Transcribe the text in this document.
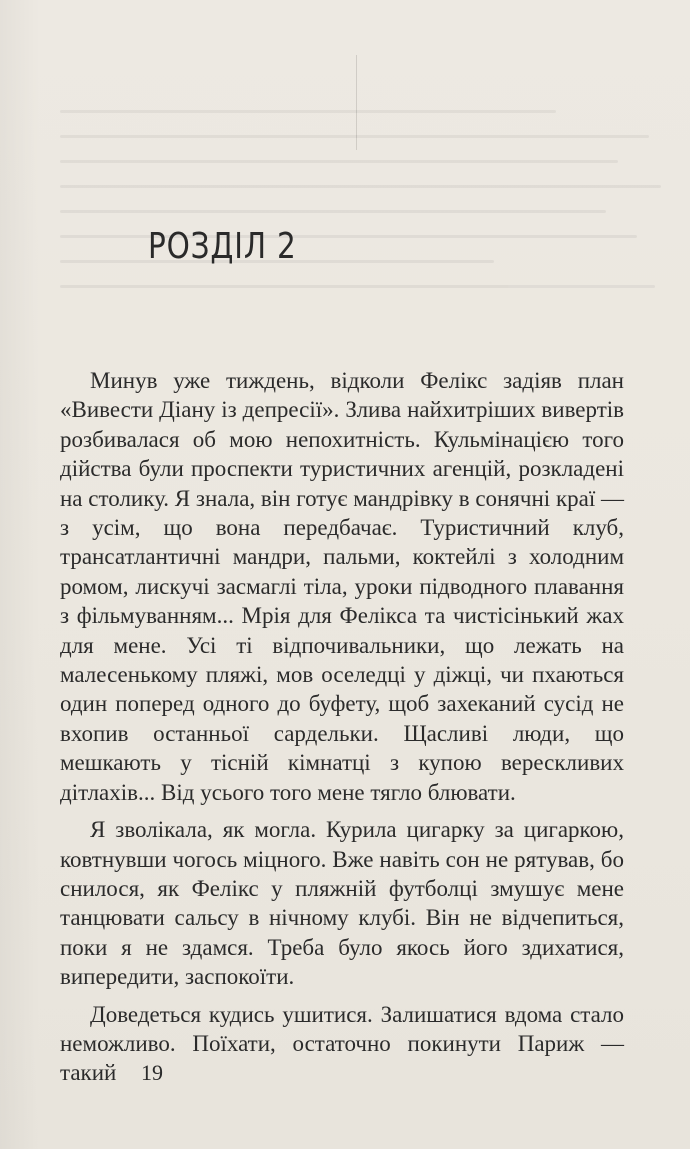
РОЗДІЛ 2

Минув уже тиждень, відколи Фелікс задіяв план «Вивести Діану із депресії». Злива найхитріших вивертів розбивалася об мою непохитність. Кульмінацією того дійства були проспекти туристичних агенцій, розкладені на столику. Я знала, він готує мандрівку в сонячні краї — з усім, що вона передбачає. Туристичний клуб, трансатлантичні мандри, пальми, коктейлі з холодним ромом, лискучі засмаглі тіла, уроки підводного плавання з фільмуванням... Мрія для Фелікса та чистісінький жах для мене. Усі ті відпочивальники, що лежать на малесенькому пляжі, мов оселедці у діжці, чи пхаються один поперед одного до буфету, щоб захеканий сусід не вхопив останньої сардельки. Щасливі люди, що мешкають у тісній кімнатці з купою верескливих дітлахів... Від усього того мене тягло блювати.

Я зволікала, як могла. Курила цигарку за цигаркою, ковтнувши чогось міцного. Вже навіть сон не рятував, бо снилося, як Фелікс у пляжній футболці змушує мене танцювати сальсу в нічному клубі. Він не відчепиться, поки я не здамся. Треба було якось його здихатися, випередити, заспокоїти.

Доведеться кудись ушитися. Залишатися вдома стало неможливо. Поїхати, остаточно покинути Париж — такий	19
